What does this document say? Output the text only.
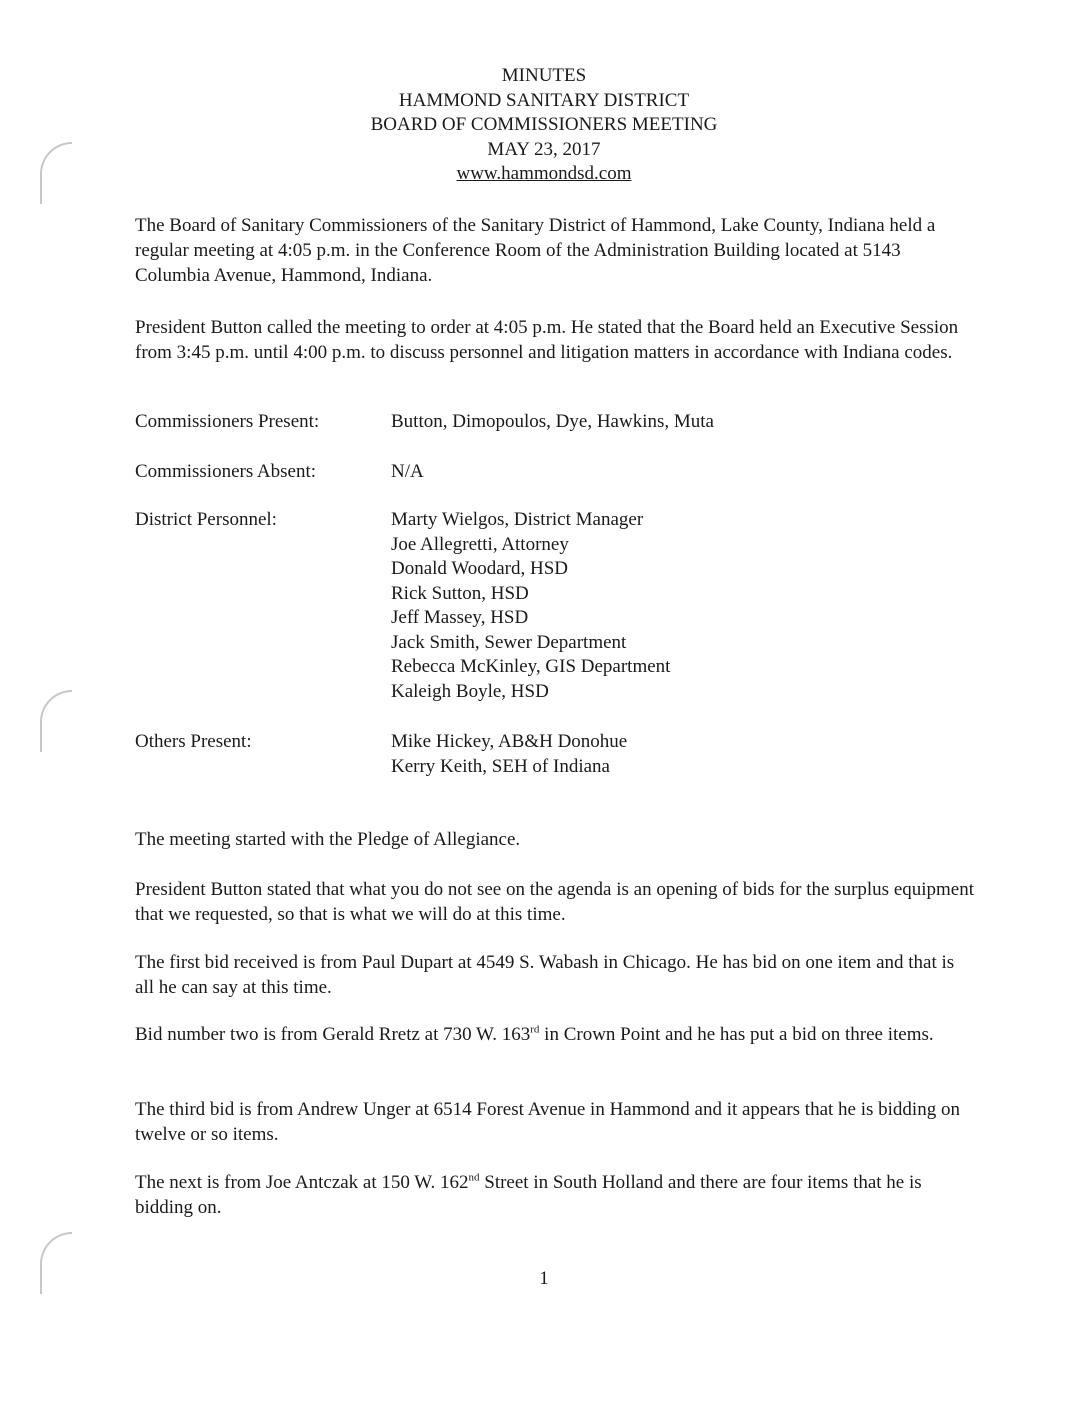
MINUTES
HAMMOND SANITARY DISTRICT
BOARD OF COMMISSIONERS MEETING
MAY 23, 2017
www.hammondsd.com
The Board of Sanitary Commissioners of the Sanitary District of Hammond, Lake County, Indiana held a regular meeting at 4:05 p.m. in the Conference Room of the Administration Building located at 5143 Columbia Avenue, Hammond, Indiana.
President Button called the meeting to order at 4:05 p.m. He stated that the Board held an Executive Session from 3:45 p.m. until 4:00 p.m. to discuss personnel and litigation matters in accordance with Indiana codes.
Commissioners Present:	Button, Dimopoulos, Dye, Hawkins, Muta
Commissioners Absent:	N/A
District Personnel:	Marty Wielgos, District Manager
Joe Allegretti, Attorney
Donald Woodard, HSD
Rick Sutton, HSD
Jeff Massey, HSD
Jack Smith, Sewer Department
Rebecca McKinley, GIS Department
Kaleigh Boyle, HSD
Others Present:	Mike Hickey, AB&H Donohue
Kerry Keith, SEH of Indiana
The meeting started with the Pledge of Allegiance.
President Button stated that what you do not see on the agenda is an opening of bids for the surplus equipment that we requested, so that is what we will do at this time.
The first bid received is from Paul Dupart at 4549 S. Wabash in Chicago. He has bid on one item and that is all he can say at this time.
Bid number two is from Gerald Rretz at 730 W. 163rd in Crown Point and he has put a bid on three items.
The third bid is from Andrew Unger at 6514 Forest Avenue in Hammond and it appears that he is bidding on twelve or so items.
The next is from Joe Antczak at 150 W. 162nd Street in South Holland and there are four items that he is bidding on.
1
